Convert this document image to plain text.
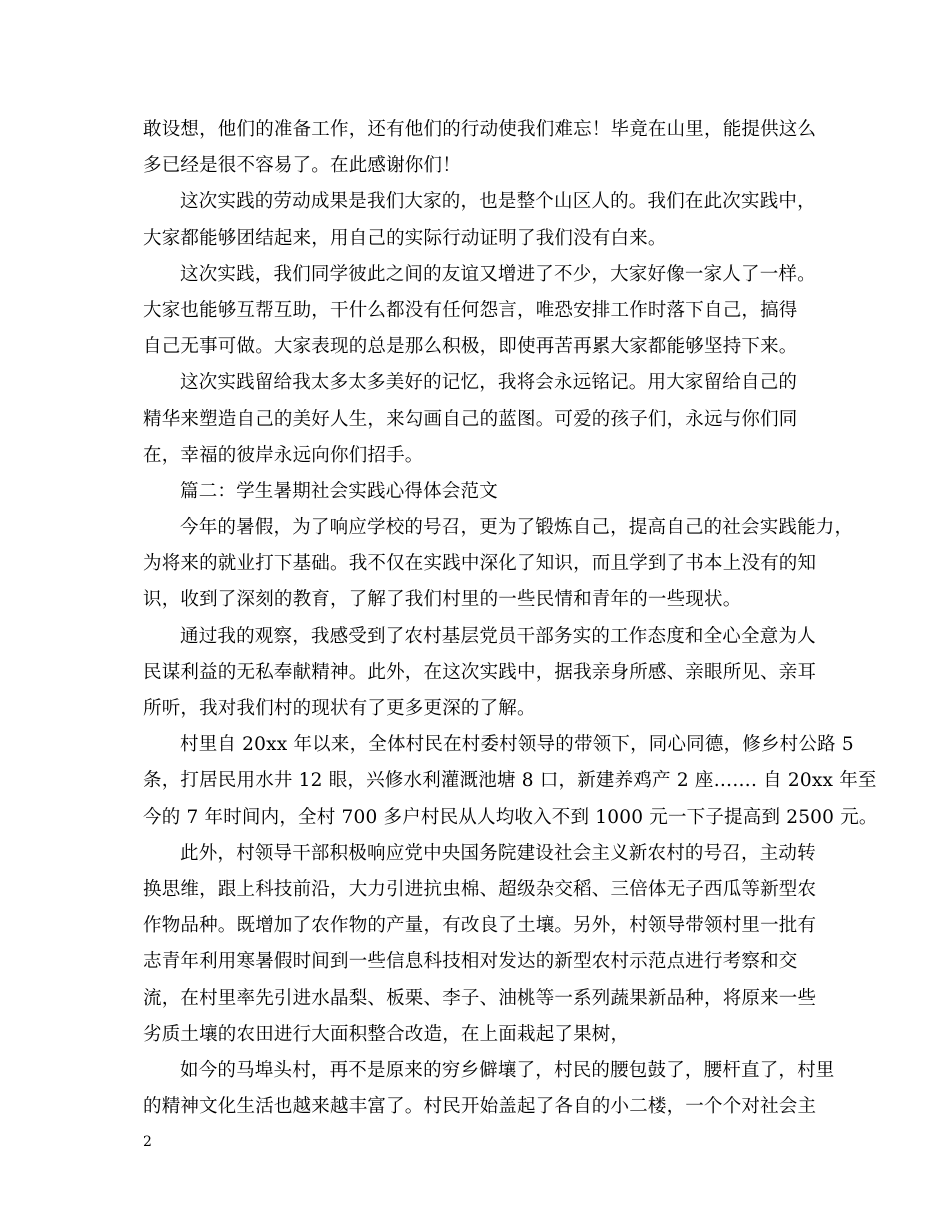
敢设想，他们的准备工作，还有他们的行动使我们难忘！毕竟在山里，能提供这么
多已经是很不容易了。在此感谢你们！

这次实践的劳动成果是我们大家的，也是整个山区人的。我们在此次实践中，
大家都能够团结起来，用自己的实际行动证明了我们没有白来。

这次实践，我们同学彼此之间的友谊又增进了不少，大家好像一家人了一样。
大家也能够互帮互助，干什么都没有任何怨言，唯恐安排工作时落下自己，搞得
自己无事可做。大家表现的总是那么积极，即使再苦再累大家都能够坚持下来。

这次实践留给我太多太多美好的记忆，我将会永远铭记。用大家留给自己的
精华来塑造自己的美好人生，来勾画自己的蓝图。可爱的孩子们，永远与你们同
在，幸福的彼岸永远向你们招手。

篇二：学生暑期社会实践心得体会范文

今年的暑假，为了响应学校的号召，更为了锻炼自己，提高自己的社会实践能力，
为将来的就业打下基础。我不仅在实践中深化了知识，而且学到了书本上没有的知
识，收到了深刻的教育，了解了我们村里的一些民情和青年的一些现状。

通过我的观察，我感受到了农村基层党员干部务实的工作态度和全心全意为人
民谋利益的无私奉献精神。此外，在这次实践中，据我亲身所感、亲眼所见、亲耳
所听，我对我们村的现状有了更多更深的了解。

村里自 20xx 年以来，全体村民在村委村领导的带领下，同心同德，修乡村公路 5
条，打居民用水井 12 眼，兴修水利灌溉池塘 8 口，新建养鸡产 2 座……. 自 20xx 年至
今的 7 年时间内，全村 700 多户村民从人均收入不到 1000 元一下子提高到 2500 元。

此外，村领导干部积极响应党中央国务院建设社会主义新农村的号召，主动转
换思维，跟上科技前沿，大力引进抗虫棉、超级杂交稻、三倍体无子西瓜等新型农
作物品种。既增加了农作物的产量，有改良了土壤。另外，村领导带领村里一批有
志青年利用寒暑假时间到一些信息科技相对发达的新型农村示范点进行考察和交
流，在村里率先引进水晶梨、板栗、李子、油桃等一系列蔬果新品种，将原来一些
劣质土壤的农田进行大面积整合改造，在上面栽起了果树，

如今的马埠头村，再不是原来的穷乡僻壤了，村民的腰包鼓了，腰杆直了，村里
的精神文化生活也越来越丰富了。村民开始盖起了各自的小二楼，一个个对社会主

2
